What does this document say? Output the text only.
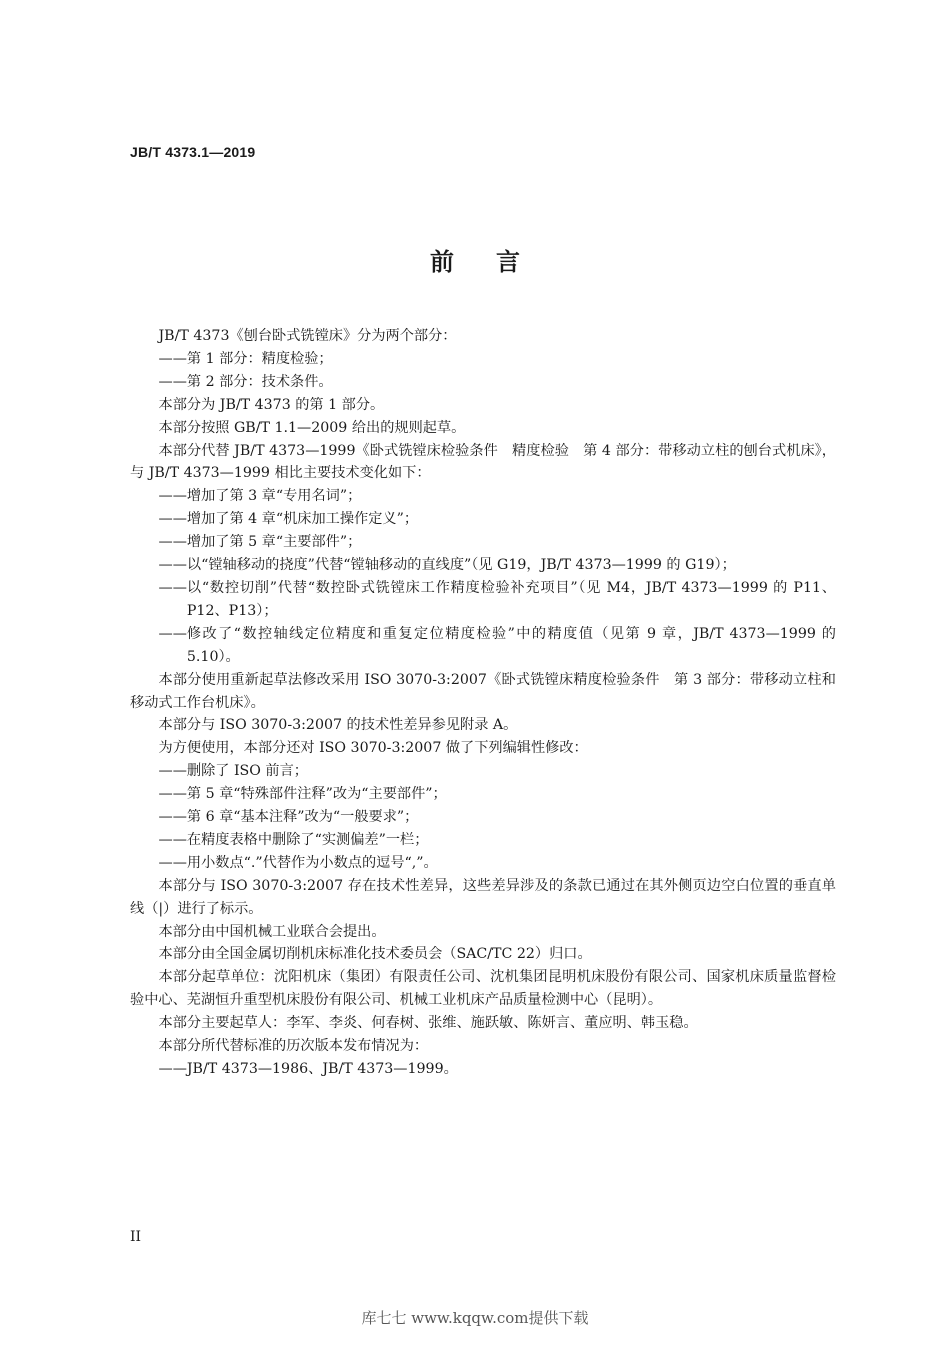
JB/T 4373.1—2019
前 言

JB/T 4373《刨台卧式铣镗床》分为两个部分：

—— 第 1 部分：精度检验；
—— 第 2 部分：技术条件。

本部分为 JB/T 4373 的第 1 部分。

本部分按照 GB/T 1.1—2009 给出的规则起草。

本部分代替 JB/T 4373—1999《卧式铣镗床检验条件　精度检验　第 4 部分：带移动立柱的刨台式机床》，与 JB/T 4373—1999 相比主要技术变化如下：

—— 增加了第 3 章“专用名词”；
—— 增加了第 4 章“机床加工操作定义”；
—— 增加了第 5 章“主要部件”；
—— 以“镗轴移动的挠度”代替“镗轴移动的直线度”（见 G19，JB/T 4373—1999 的 G19）；
—— 以“数控切削”代替“数控卧式铣镗床工作精度检验补充项目”（见 M4，JB/T 4373—1999 的 P11、P12、P13）；
—— 修改了“数控轴线定位精度和重复定位精度检验”中的精度值（见第 9 章，JB/T 4373—1999 的 5.10）。

本部分使用重新起草法修改采用 ISO 3070-3:2007《卧式铣镗床精度检验条件　第 3 部分：带移动立柱和移动式工作台机床》。

本部分与 ISO 3070-3:2007 的技术性差异参见附录 A。

为方便使用，本部分还对 ISO 3070-3:2007 做了下列编辑性修改：

—— 删除了 ISO 前言；
—— 第 5 章“特殊部件注释”改为“主要部件”；
—— 第 6 章“基本注释”改为“一般要求”；
—— 在精度表格中删除了“实测偏差”一栏；
—— 用小数点“.”代替作为小数点的逗号“,”。

本部分与 ISO 3070-3:2007 存在技术性差异，这些差异涉及的条款已通过在其外侧页边空白位置的垂直单线（|）进行了标示。

本部分由中国机械工业联合会提出。

本部分由全国金属切削机床标准化技术委员会（SAC/TC 22）归口。

本部分起草单位：沈阳机床（集团）有限责任公司、沈机集团昆明机床股份有限公司、国家机床质量监督检验中心、芜湖恒升重型机床股份有限公司、机械工业机床产品质量检测中心（昆明）。

本部分主要起草人：李军、李炎、何春树、张维、施跃敏、陈妍言、董应明、韩玉稳。

本部分所代替标准的历次版本发布情况为：

—— JB/T 4373—1986、JB/T 4373—1999。
II
库七七 www.kqqw.com提供下载
